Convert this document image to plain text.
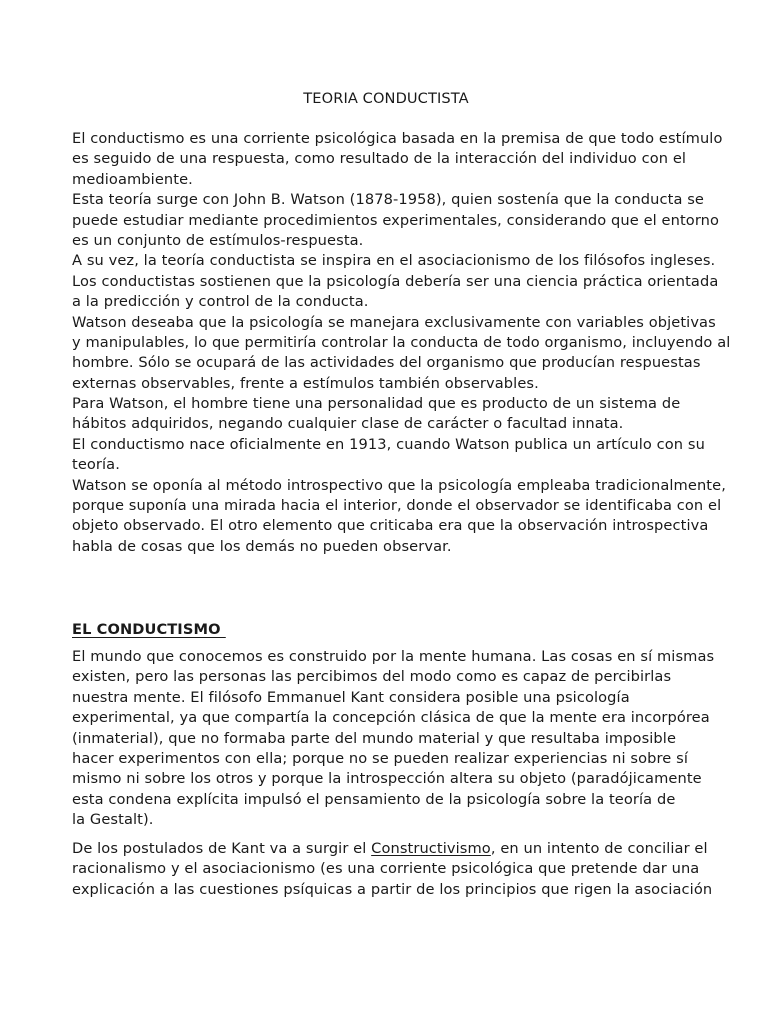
TEORIA CONDUCTISTA
El conductismo es una corriente psicológica basada en la premisa de que todo estímulo
es seguido de una respuesta, como resultado de la interacción del individuo con el
medioambiente.
Esta teoría surge con John B. Watson (1878-1958), quien sostenía que la conducta se
puede estudiar mediante procedimientos experimentales, considerando que el entorno
es un conjunto de estímulos-respuesta.
A su vez, la teoría conductista se inspira en el asociacionismo de los filósofos ingleses.
Los conductistas sostienen que la psicología debería ser una ciencia práctica orientada
a la predicción y control de la conducta.
Watson deseaba que la psicología se manejara exclusivamente con variables objetivas
y manipulables, lo que permitiría controlar la conducta de todo organismo, incluyendo al
hombre. Sólo se ocupará de las actividades del organismo que producían respuestas
externas observables, frente a estímulos también observables.
Para Watson, el hombre tiene una personalidad que es producto de un sistema de
hábitos adquiridos, negando cualquier clase de carácter o facultad innata.
El conductismo nace oficialmente en 1913, cuando Watson publica un artículo con su
teoría.
Watson se oponía al método introspectivo que la psicología empleaba tradicionalmente,
porque suponía una mirada hacia el interior, donde el observador se identificaba con el
objeto observado. El otro elemento que criticaba era que la observación introspectiva
habla de cosas que los demás no pueden observar.
EL CONDUCTISMO
El mundo que conocemos es construido por la mente humana. Las cosas en sí mismas
existen, pero las personas las percibimos del modo como es capaz de percibirlas
nuestra mente. El filósofo Emmanuel Kant considera posible una psicología
experimental, ya que compartía la concepción clásica de que la mente era incorpórea
(inmaterial), que no formaba parte del mundo material y que resultaba imposible
hacer experimentos con ella; porque no se pueden realizar experiencias ni sobre sí
mismo ni sobre los otros y porque la introspección altera su objeto (paradójicamente
esta condena explícita impulsó el pensamiento de la psicología sobre la teoría de
la Gestalt).
De los postulados de Kant va a surgir el Constructivismo, en un intento de conciliar el
racionalismo y el asociacionismo (es una corriente psicológica que pretende dar una
explicación a las cuestiones psíquicas a partir de los principios que rigen la asociación
